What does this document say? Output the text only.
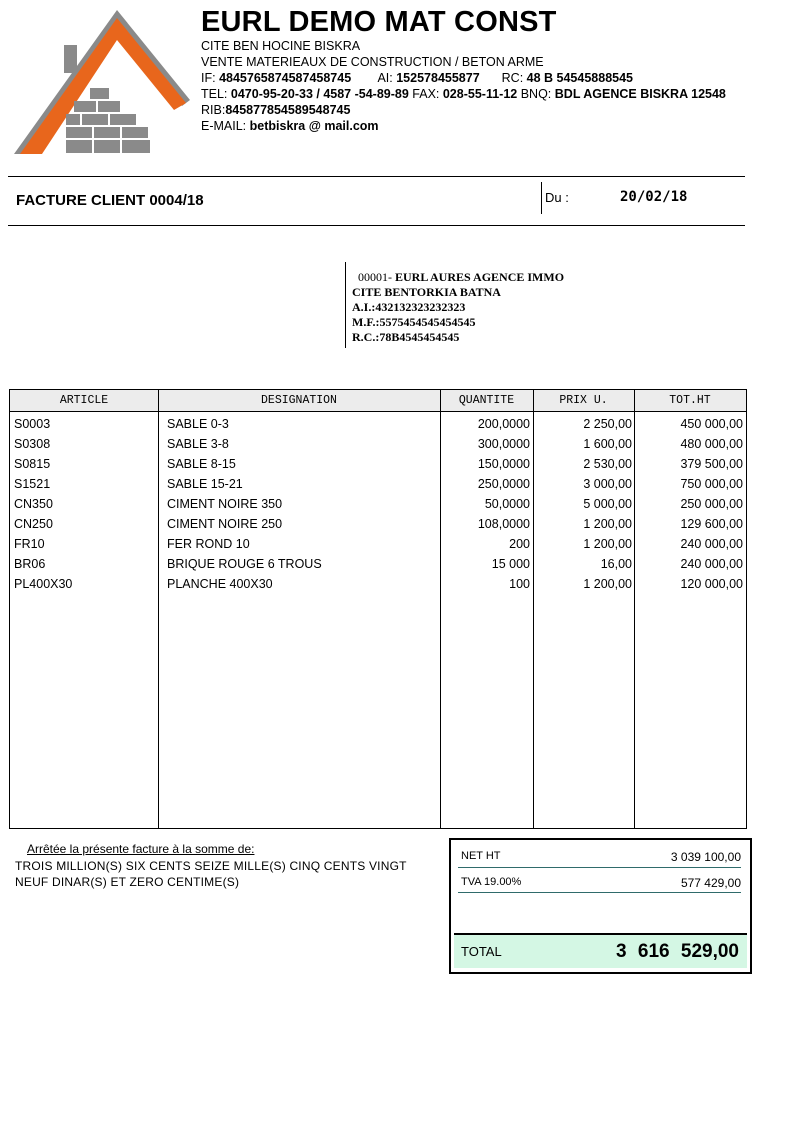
EURL DEMO MAT CONST
CITE BEN HOCINE BISKRA
VENTE MATERIEAUX DE CONSTRUCTION / BETON ARME
IF: 4845765874587458745 AI: 152578455877 RC: 48 B 54545888545
TEL: 0470-95-20-33 / 4587 -54-89-89 FAX: 028-55-11-12 BNQ: BDL AGENCE BISKRA 12548
RIB:845877854589548745
E-MAIL: betbiskra @ mail.com
FACTURE CLIENT 0004/18	Du :	20/02/18
00001- EURL AURES AGENCE IMMO
CITE BENTORKIA BATNA
A.I.:432132323232323
M.F.:5575454545454545
R.C.:78B4545454545
ARTICLE	DESIGNATION	QUANTITE	PRIX U.	TOT.HT
S0003	SABLE 0-3	200,0000	2 250,00	450 000,00
S0308	SABLE 3-8	300,0000	1 600,00	480 000,00
S0815	SABLE 8-15	150,0000	2 530,00	379 500,00
S1521	SABLE 15-21	250,0000	3 000,00	750 000,00
CN350	CIMENT NOIRE 350	50,0000	5 000,00	250 000,00
CN250	CIMENT NOIRE 250	108,0000	1 200,00	129 600,00
FR10	FER ROND 10	200	1 200,00	240 000,00
BR06	BRIQUE ROUGE 6 TROUS	15 000	16,00	240 000,00
PL400X30	PLANCHE 400X30	100	1 200,00	120 000,00
Arrêtée la présente facture à la somme de:
TROIS MILLION(S) SIX CENTS SEIZE MILLE(S) CINQ CENTS VINGT NEUF DINAR(S) ET ZERO CENTIME(S)
NET HT	3 039 100,00
TVA 19.00%	577 429,00
TOTAL	3 616 529,00
